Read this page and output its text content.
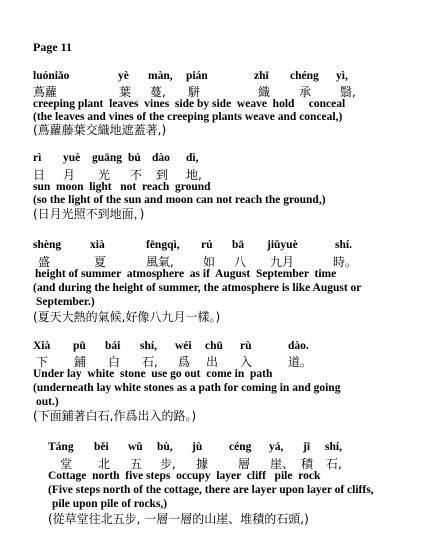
Page 11
luóniǎo	yè màn, pián	zhī chéng yì,
蔦蘿	葉 蔓, 駢	織 承 翳,
creeping plant  leaves  vines  side by side  weave  hold     conceal
(the leaves and vines of the creeping plants weave and conceal,)
(蔦蘿藤葉交織地遮蓋著,)
rì yuè guāng bú dào dì,
日 月 光 不 到 地,
sun  moon  light   not  reach  ground
(so the light of the sun and moon can not reach the ground,)
(日月光照不到地面，)
shèng	xià	fēngqì, rú bā jiǔyuè	shí.
盛	夏	風氣, 如 八 九月	時。
height of summer  atmosphere  as if  August  September  time
(and during the height of summer, the atmosphere is like August or
September.)
(夏天大熱的氣候,好像八九月一樣。)
Xià pū bái shí, wéi chū rù	dào.
下 鋪 白 石, 爲 出 入	道。
Under lay  white  stone  use go out  come in  path
(underneath lay white stones as a path for coming in and going
out.)
(下面鋪著白石,作爲出入的路。)
Táng běi wǔ bù, jù céng yá, jī shí,
堂 北 五 步, 據 層 崖、 積 石,
Cottage  north  five steps  occupy  layer  cliff   pile  rock
(Five steps north of the cottage, there are layer upon layer of cliffs,
pile upon pile of rocks,)
(從草堂往北五步, 一層一層的山崖、堆積的石頭,)
